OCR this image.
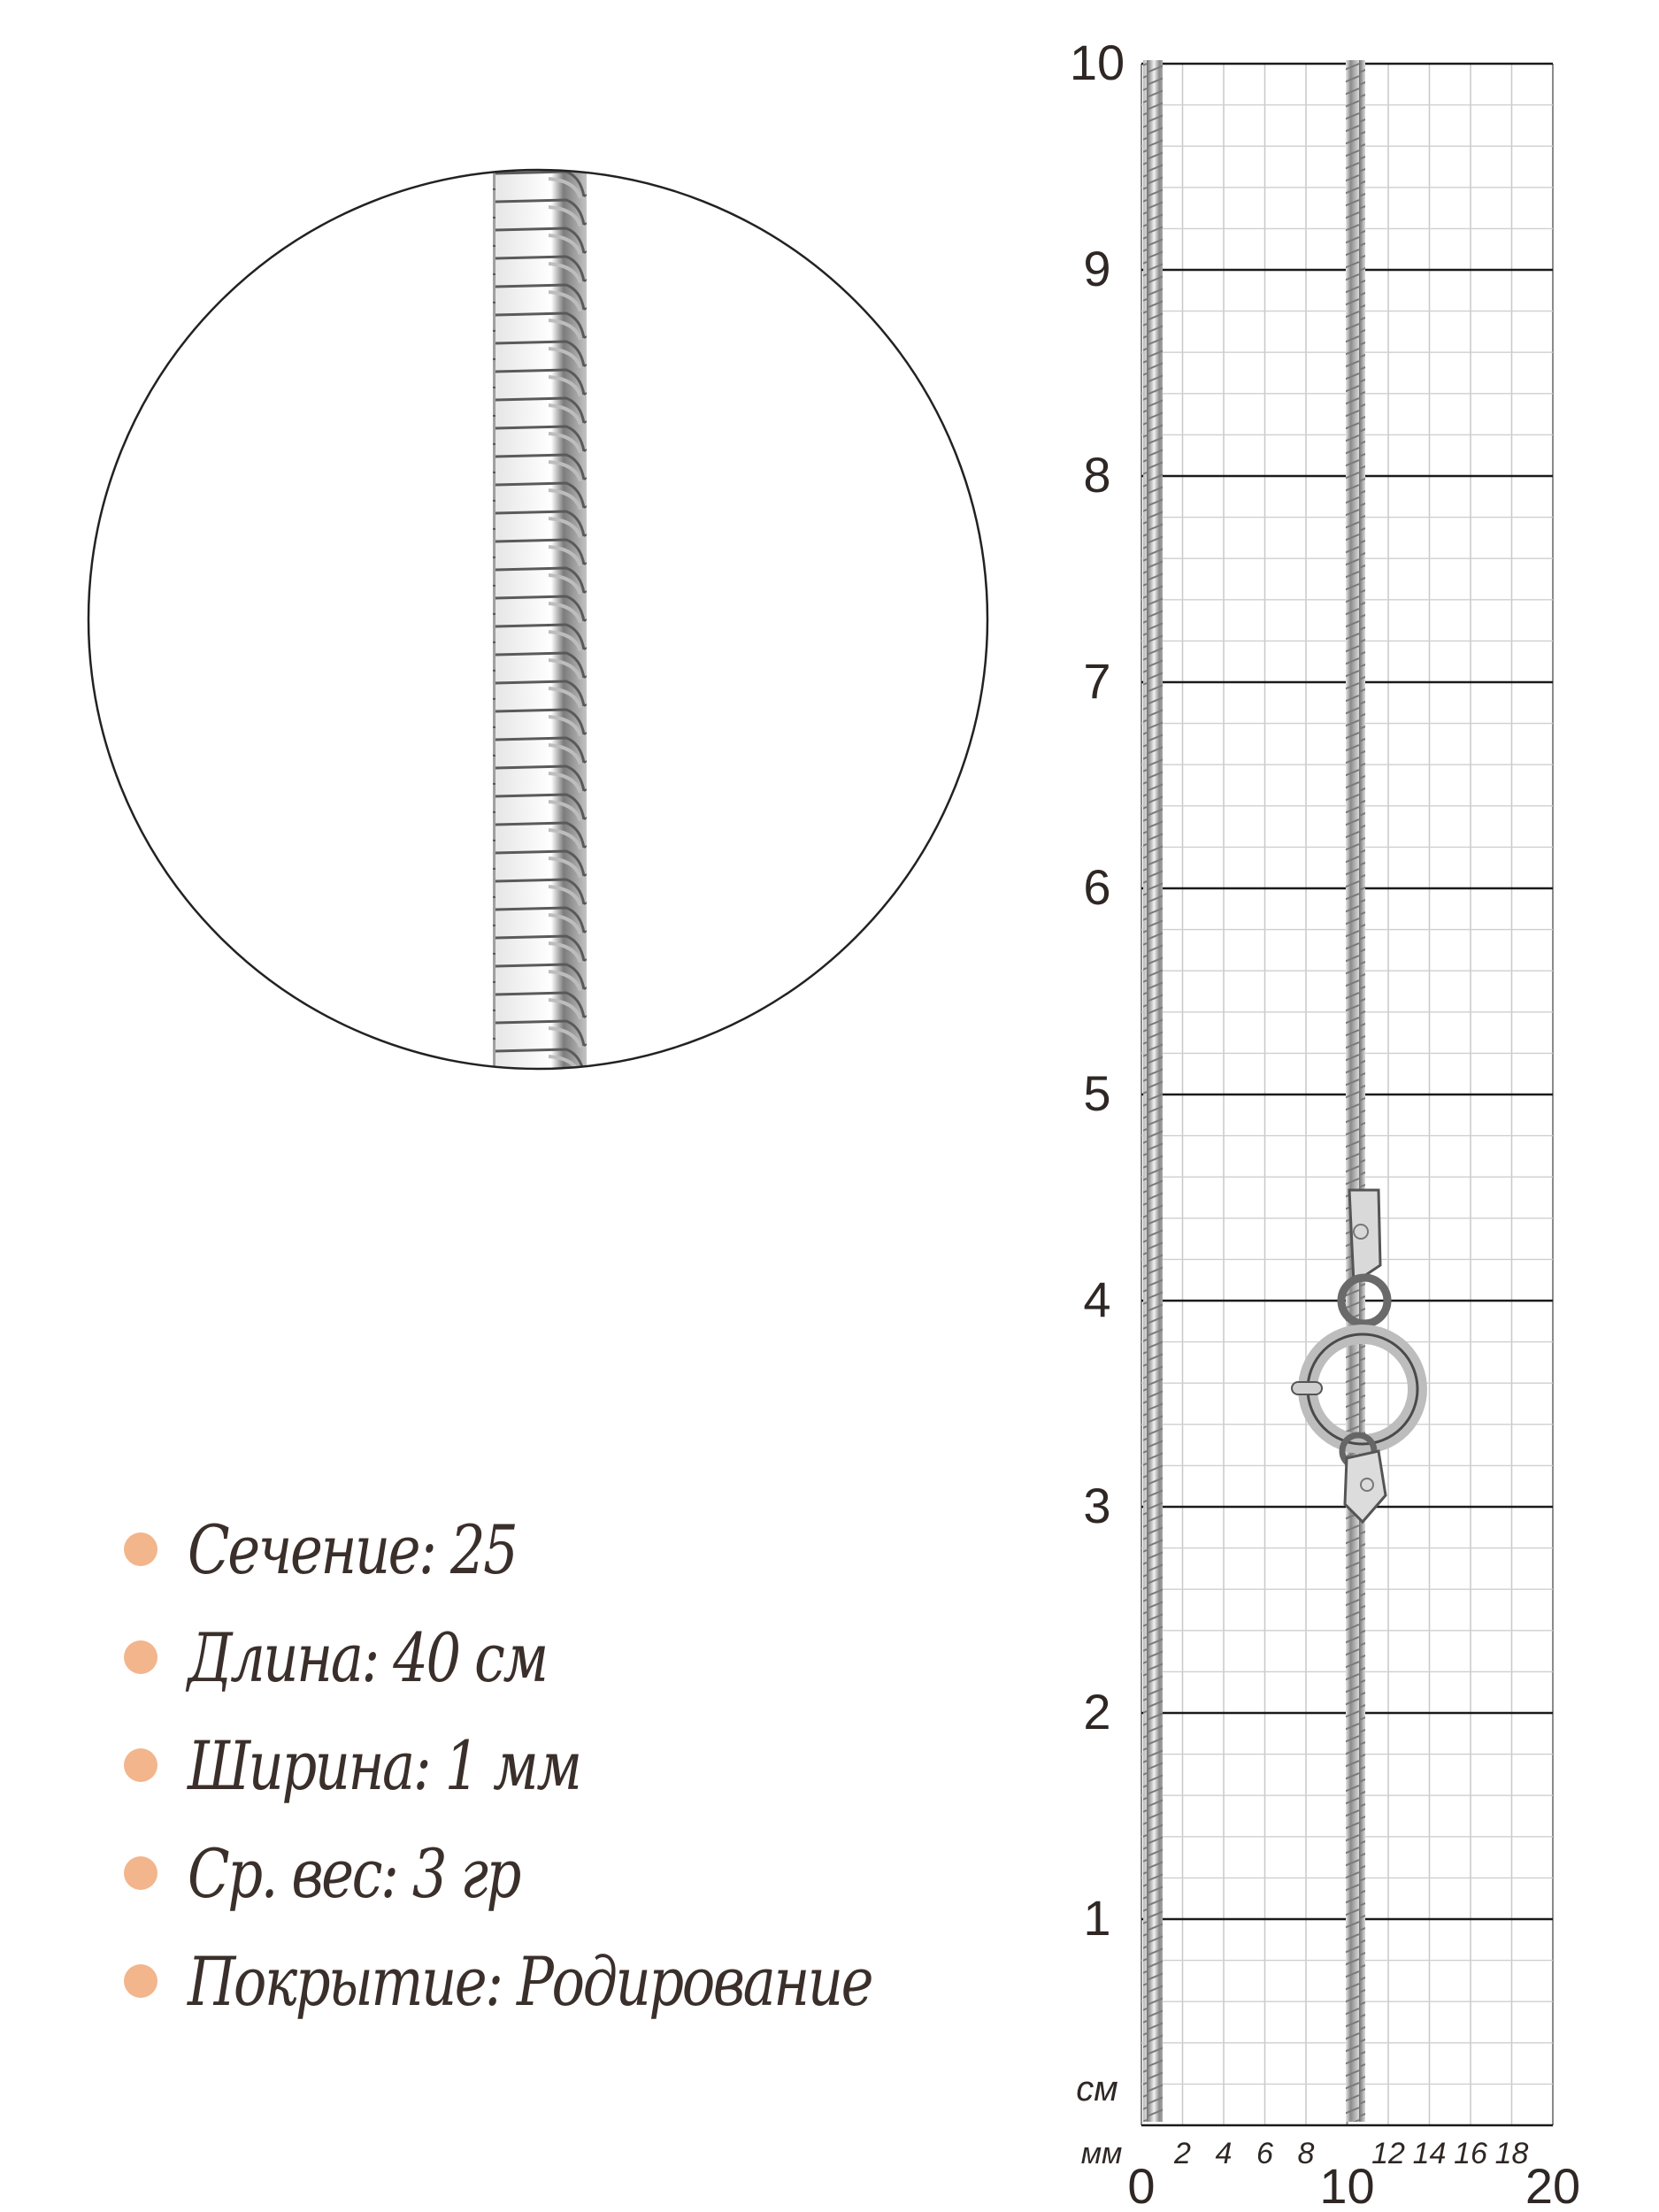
1
2
3
4
5
6
7
8
9
10
см
мм 2 4 6 8 12 14 16 18
0	10	20
Сечение: 25
Длина: 40 см
Ширина: 1 мм
Ср. вес: 3 гр
Покрытие: Родирование
